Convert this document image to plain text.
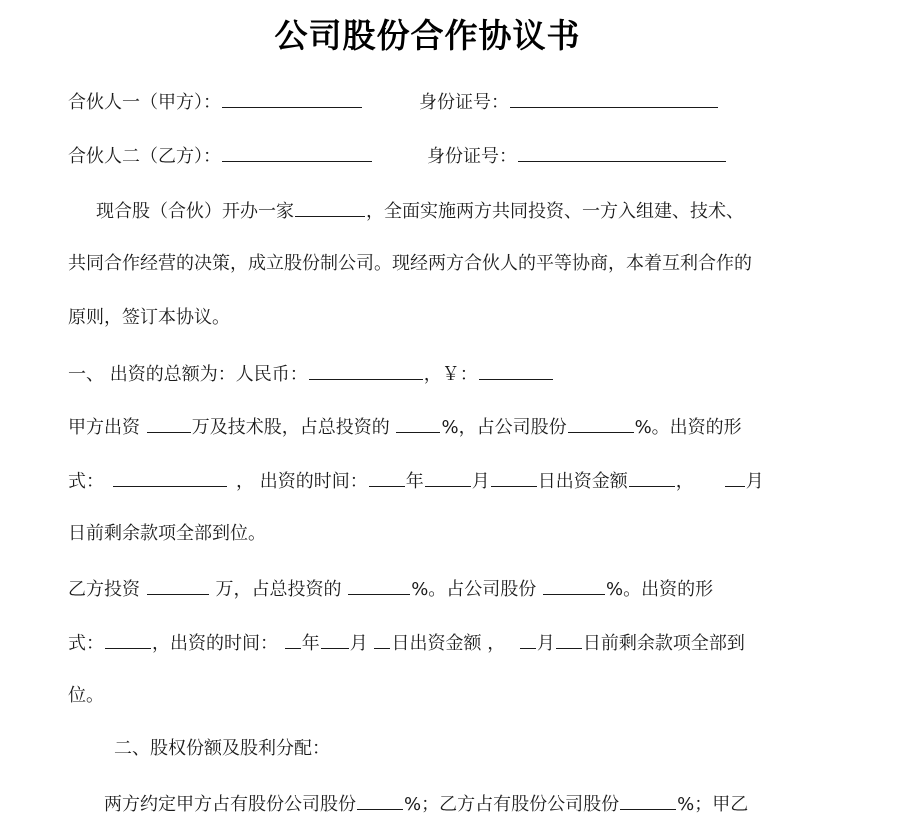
公司股份合作协议书
合伙人一（甲方）：	身份证号：
合伙人二（乙方）：	身份证号：
现合股（合伙）开办一家	，全面实施两方共同投资、一方入组建、技术、
共同合作经营的决策，成立股份制公司。现经两方合伙人的平等协商，本着互利合作的
原则，签订本协议。
一、 出资的总额为：人民币：	，￥：
甲方出资	万及技术股，占总投资的	%，占公司股份	%。出资的形
式：	， 出资的时间： 年	月	日出资金额	，	月
日前剩余款项全部到位。
乙方投资	万，占总投资的	%。占公司股份	%。出资的形
式：	，出资的时间： 年 月 日出资金额 ， 月 日前剩余款项全部到
位。
二、股权份额及股利分配：
两方约定甲方占有股份公司股份	%；乙方占有股份公司股份	%；甲乙
